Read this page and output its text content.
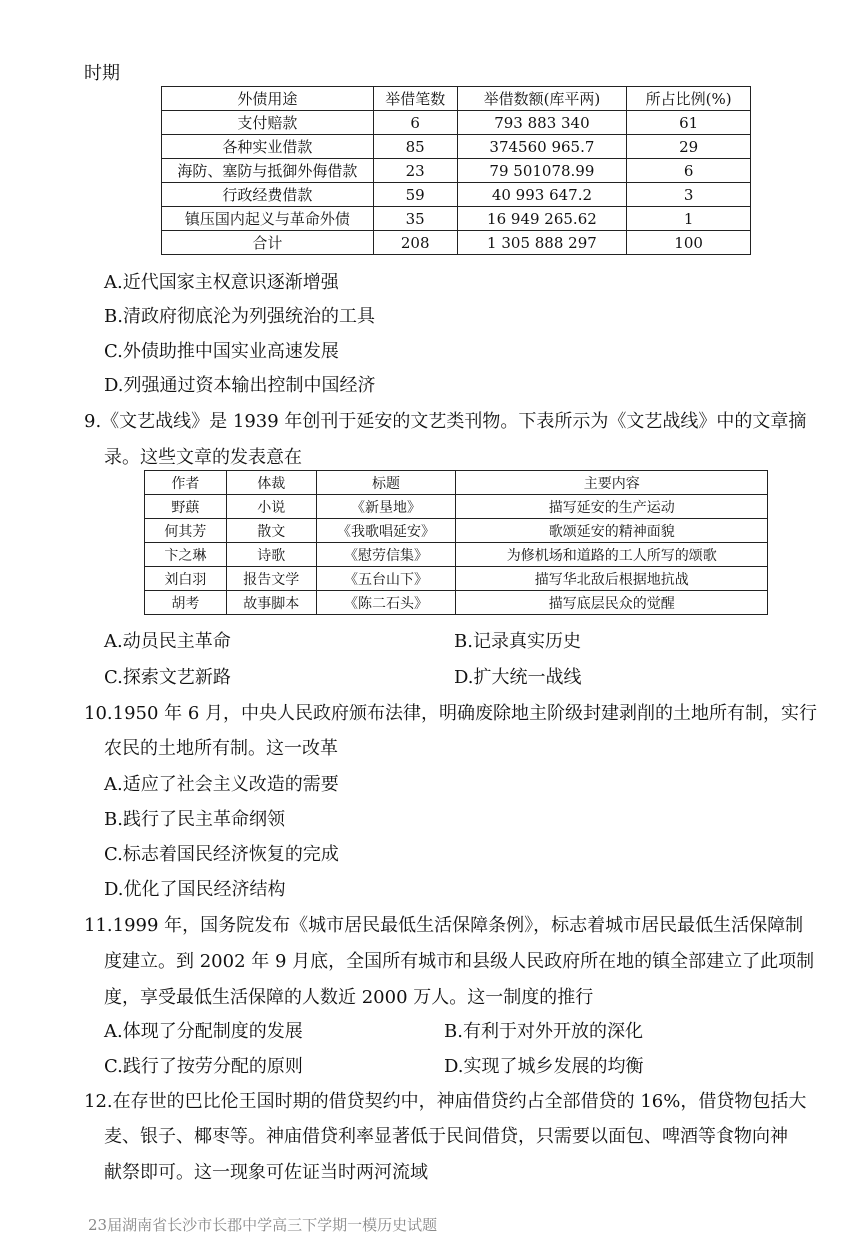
时期
外债用途	举借笔数	举借数额(库平两)	所占比例(%)
支付赔款	6	793 883 340	61
各种实业借款	85	374560 965.7	29
海防、塞防与抵御外侮借款	23	79 501078.99	6
行政经费借款	59	40 993 647.2	3
镇压国内起义与革命外债	35	16 949 265.62	1
合计	208	1 305 888 297	100
A.近代国家主权意识逐渐增强
B.清政府彻底沦为列强统治的工具
C.外债助推中国实业高速发展
D.列强通过资本输出控制中国经济
9.《文艺战线》是 1939 年创刊于延安的文艺类刊物。下表所示为《文艺战线》中的文章摘
录。这些文章的发表意在
作者	体裁	标题	主要内容
野蕻	小说	《新垦地》	描写延安的生产运动
何其芳	散文	《我歌唱延安》	歌颂延安的精神面貌
卞之琳	诗歌	《慰劳信集》	为修机场和道路的工人所写的颂歌
刘白羽	报告文学	《五台山下》	描写华北敌后根据地抗战
胡考	故事脚本	《陈二石头》	描写底层民众的觉醒
A.动员民主革命	B.记录真实历史
C.探索文艺新路	D.扩大统一战线
10.1950 年 6 月，中央人民政府颁布法律，明确废除地主阶级封建剥削的土地所有制，实行
农民的土地所有制。这一改革
A.适应了社会主义改造的需要
B.践行了民主革命纲领
C.标志着国民经济恢复的完成
D.优化了国民经济结构
11.1999 年，国务院发布《城市居民最低生活保障条例》，标志着城市居民最低生活保障制
度建立。到 2002 年 9 月底，全国所有城市和县级人民政府所在地的镇全部建立了此项制
度，享受最低生活保障的人数近 2000 万人。这一制度的推行
A.体现了分配制度的发展	B.有利于对外开放的深化
C.践行了按劳分配的原则	D.实现了城乡发展的均衡
12.在存世的巴比伦王国时期的借贷契约中，神庙借贷约占全部借贷的 16%，借贷物包括大
麦、银子、椰枣等。神庙借贷利率显著低于民间借贷，只需要以面包、啤酒等食物向神
献祭即可。这一现象可佐证当时两河流域
23届湖南省长沙市长郡中学高三下学期一模历史试题
